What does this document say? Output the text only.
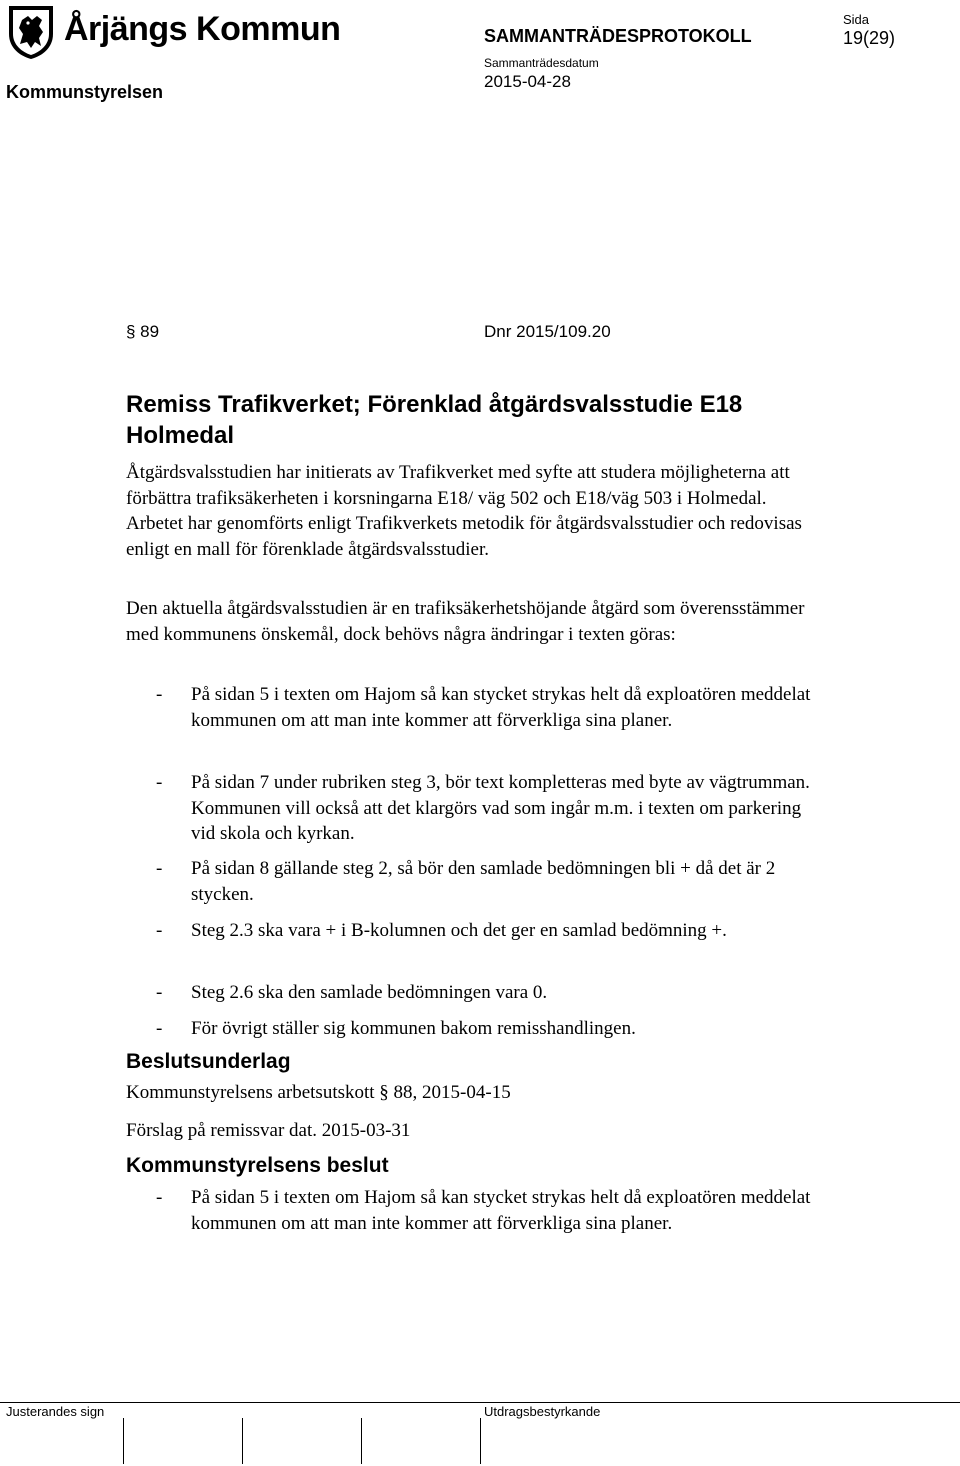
Årjängs Kommun
Kommunstyrelsen
SAMMANTRÄDESPROTOKOLL
Sammanträdesdatum
2015-04-28
Sida
19(29)
§ 89	Dnr 2015/109.20
Remiss Trafikverket; Förenklad åtgärdsvalsstudie E18 Holmedal
Åtgärdsvalsstudien har initierats av Trafikverket med syfte att studera möjligheterna att förbättra trafiksäkerheten i korsningarna E18/ väg 502 och E18/väg 503 i Holmedal. Arbetet har genomförts enligt Trafikverkets metodik för åtgärdsvalsstudier och redovisas enligt en mall för förenklade åtgärdsvalsstudier.
Den aktuella åtgärdsvalsstudien är en trafiksäkerhetshöjande åtgärd som överensstämmer med kommunens önskemål, dock behövs några ändringar i texten göras:
-	På sidan 5 i texten om Hajom så kan stycket strykas helt då exploatören meddelat kommunen om att man inte kommer att förverkliga sina planer.
-	På sidan 7 under rubriken steg 3, bör text kompletteras med byte av vägtrumman. Kommunen vill också att det klargörs vad som ingår m.m. i texten om parkering vid skola och kyrkan.
-	På sidan 8 gällande steg 2, så bör den samlade bedömningen bli + då det är 2 stycken.
-	Steg 2.3 ska vara + i B-kolumnen och det ger en samlad bedömning +.
-	Steg 2.6 ska den samlade bedömningen vara 0.
-	För övrigt ställer sig kommunen bakom remisshandlingen.
Beslutsunderlag
Kommunstyrelsens arbetsutskott § 88, 2015-04-15
Förslag på remissvar dat. 2015-03-31
Kommunstyrelsens beslut
-	På sidan 5 i texten om Hajom så kan stycket strykas helt då exploatören meddelat kommunen om att man inte kommer att förverkliga sina planer.
Justerandes sign	Utdragsbestyrkande
